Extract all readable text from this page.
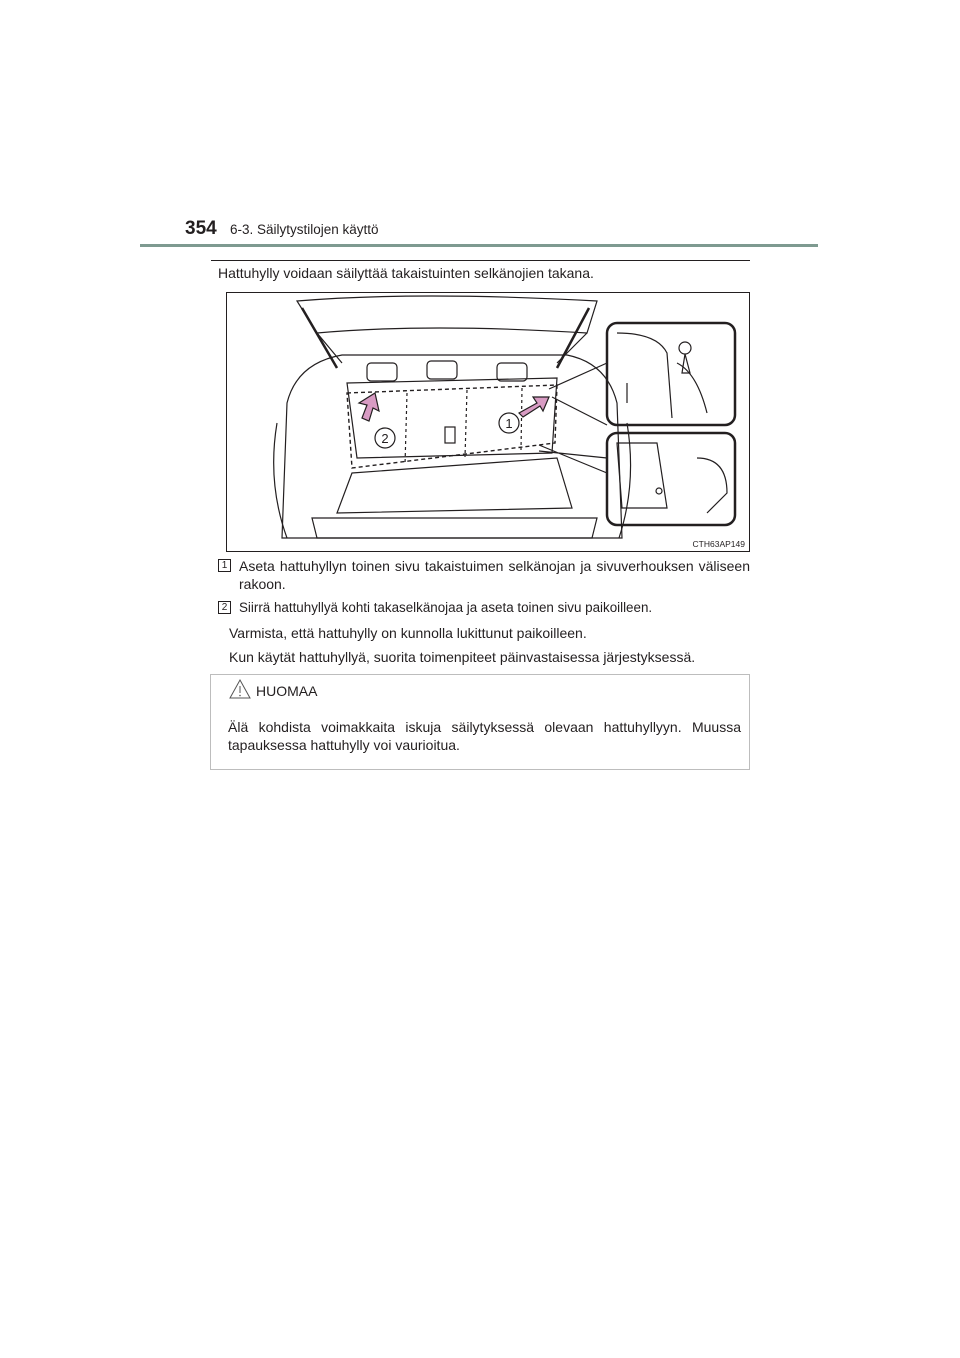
354 6-3. Säilytystilojen käyttö
Hattuhylly voidaan säilyttää takaistuinten selkänojien takana.
2
1
CTH63AP149
1 Aseta hattuhyllyn toinen sivu takaistuimen selkänojan ja sivuverhouksen väliseen rakoon.
2 Siirrä hattuhyllyä kohti takaselkänojaa ja aseta toinen sivu paikoilleen.
Varmista, että hattuhylly on kunnolla lukittunut paikoilleen.
Kun käytät hattuhyllyä, suorita toimenpiteet päinvastaisessa järjestyksessä.
HUOMAA
Älä kohdista voimakkaita iskuja säilytyksessä olevaan hattuhyllyyn. Muussa tapauksessa hattuhylly voi vaurioitua.
